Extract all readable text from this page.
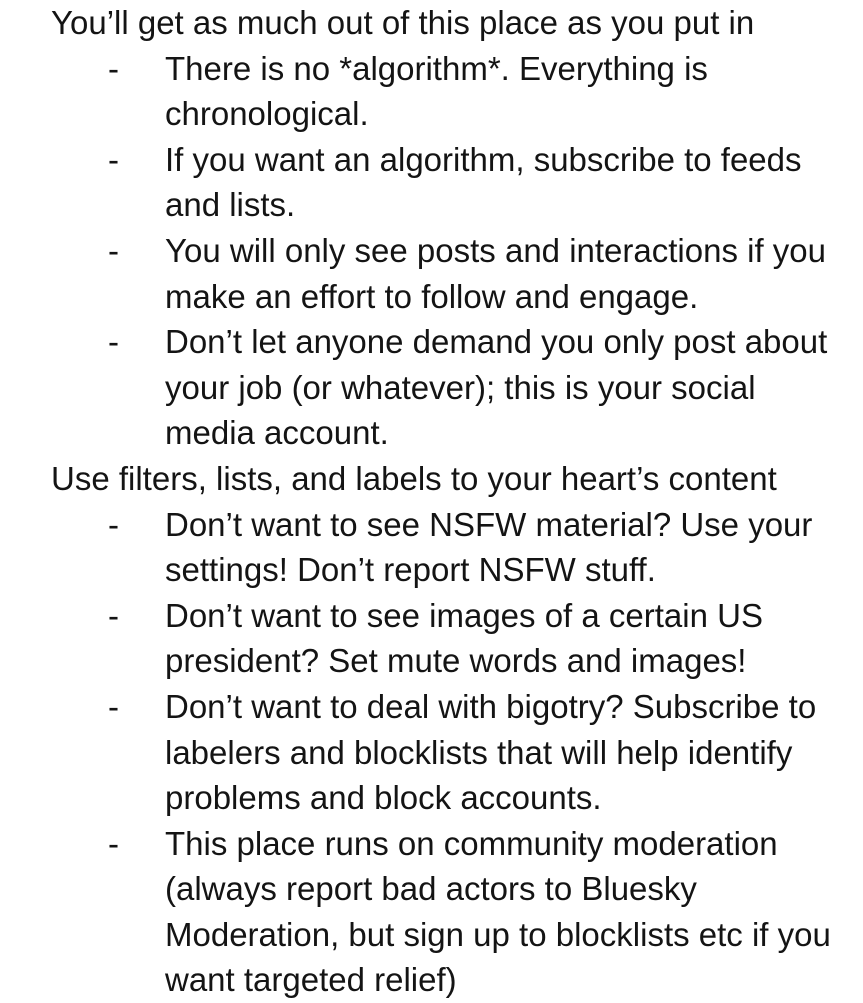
You’ll get as much out of this place as you put in
- There is no *algorithm*. Everything is chronological.
- If you want an algorithm, subscribe to feeds and lists.
- You will only see posts and interactions if you make an effort to follow and engage.
- Don’t let anyone demand you only post about your job (or whatever); this is your social media account.
Use filters, lists, and labels to your heart’s content
- Don’t want to see NSFW material? Use your settings! Don’t report NSFW stuff.
- Don’t want to see images of a certain US president? Set mute words and images!
- Don’t want to deal with bigotry? Subscribe to labelers and blocklists that will help identify problems and block accounts.
- This place runs on community moderation (always report bad actors to Bluesky Moderation, but sign up to blocklists etc if you want targeted relief)
